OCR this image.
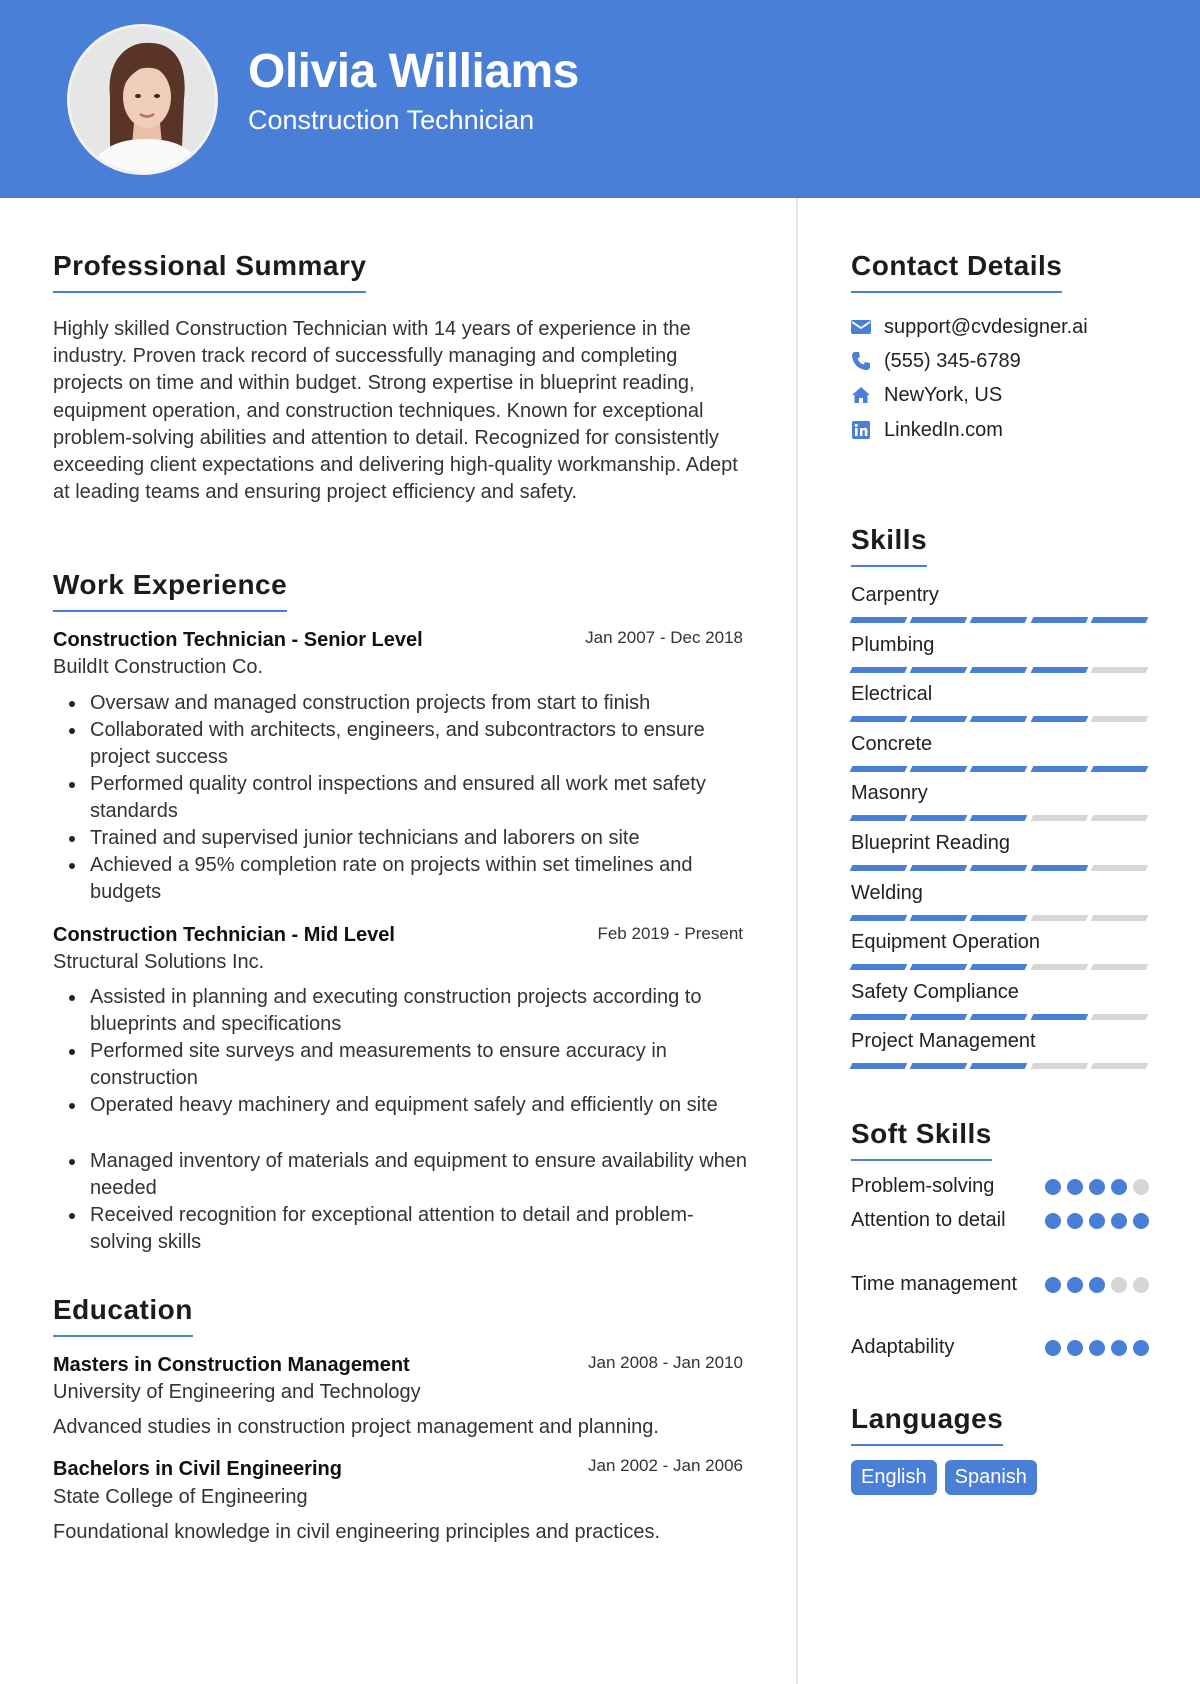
Olivia Williams
Construction Technician
Professional Summary
Highly skilled Construction Technician with 14 years of experience in the industry. Proven track record of successfully managing and completing projects on time and within budget. Strong expertise in blueprint reading, equipment operation, and construction techniques. Known for exceptional problem-solving abilities and attention to detail. Recognized for consistently exceeding client expectations and delivering high-quality workmanship. Adept at leading teams and ensuring project efficiency and safety.
Work Experience
Construction Technician - Senior Level	Jan 2007 - Dec 2018
BuildIt Construction Co.
Oversaw and managed construction projects from start to finish
Collaborated with architects, engineers, and subcontractors to ensure project success
Performed quality control inspections and ensured all work met safety standards
Trained and supervised junior technicians and laborers on site
Achieved a 95% completion rate on projects within set timelines and budgets
Construction Technician - Mid Level	Feb 2019 - Present
Structural Solutions Inc.
Assisted in planning and executing construction projects according to blueprints and specifications
Performed site surveys and measurements to ensure accuracy in construction
Operated heavy machinery and equipment safely and efficiently on site
Managed inventory of materials and equipment to ensure availability when needed
Received recognition for exceptional attention to detail and problem-solving skills
Education
Masters in Construction Management	Jan 2008 - Jan 2010
University of Engineering and Technology
Advanced studies in construction project management and planning.
Bachelors in Civil Engineering	Jan 2002 - Jan 2006
State College of Engineering
Foundational knowledge in civil engineering principles and practices.
Contact Details
support@cvdesigner.ai
(555) 345-6789
NewYork, US
LinkedIn.com
Skills
Carpentry
Plumbing
Electrical
Concrete
Masonry
Blueprint Reading
Welding
Equipment Operation
Safety Compliance
Project Management
Soft Skills
Problem-solving
Attention to detail
Time management
Adaptability
Languages
English	Spanish
